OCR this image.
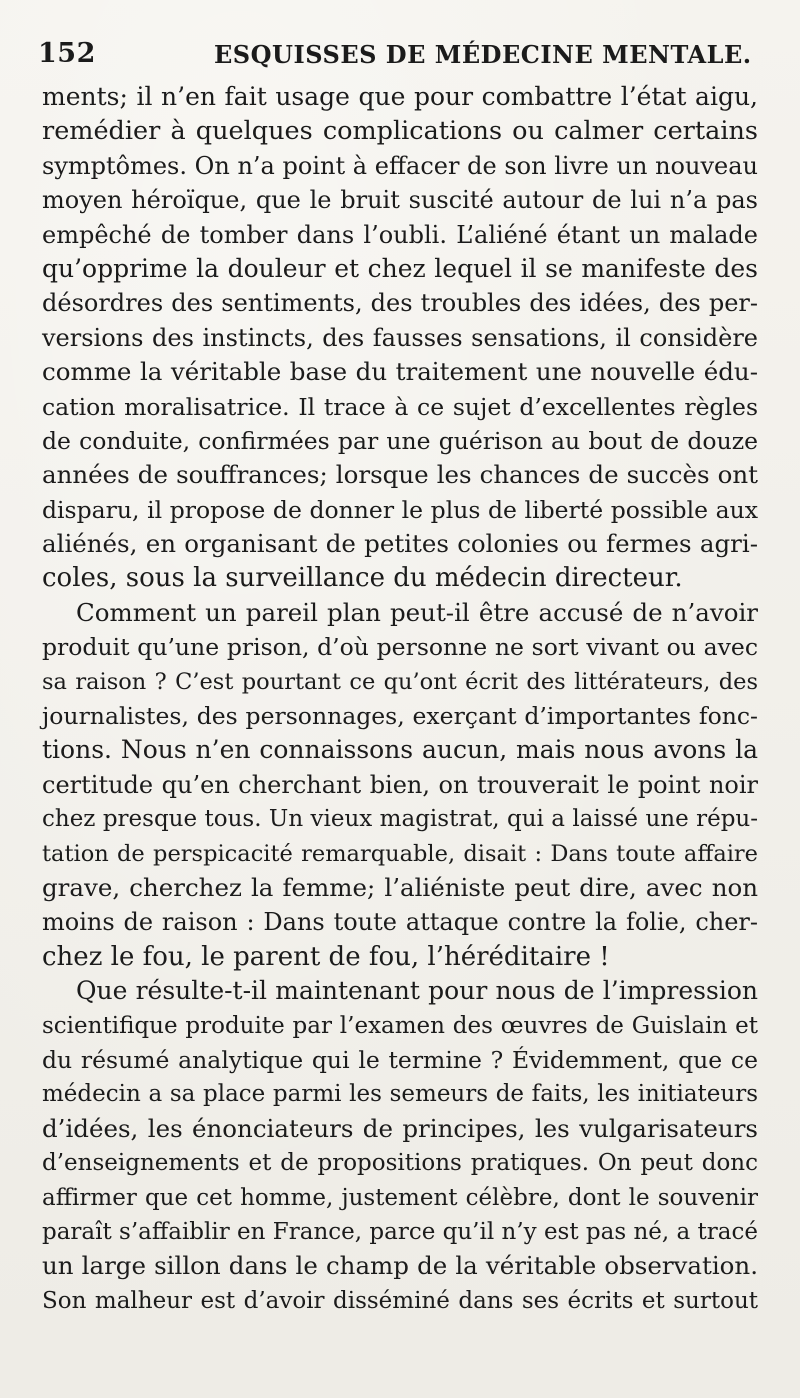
152	ESQUISSES DE MÉDECINE MENTALE.
ments; il n’en fait usage que pour combattre l’état aigu,
remédier à quelques complications ou calmer certains
symptômes. On n’a point à effacer de son livre un nouveau
moyen héroïque, que le bruit suscité autour de lui n’a pas
empêché de tomber dans l’oubli. L’aliéné étant un malade
qu’opprime la douleur et chez lequel il se manifeste des
désordres des sentiments, des troubles des idées, des per-
versions des instincts, des fausses sensations, il considère
comme la véritable base du traitement une nouvelle édu-
cation moralisatrice. Il trace à ce sujet d’excellentes règles
de conduite, confirmées par une guérison au bout de douze
années de souffrances; lorsque les chances de succès ont
disparu, il propose de donner le plus de liberté possible aux
aliénés, en organisant de petites colonies ou fermes agri-
coles, sous la surveillance du médecin directeur.
Comment un pareil plan peut-il être accusé de n’avoir
produit qu’une prison, d’où personne ne sort vivant ou avec
sa raison ? C’est pourtant ce qu’ont écrit des littérateurs, des
journalistes, des personnages, exerçant d’importantes fonc-
tions. Nous n’en connaissons aucun, mais nous avons la
certitude qu’en cherchant bien, on trouverait le point noir
chez presque tous. Un vieux magistrat, qui a laissé une répu-
tation de perspicacité remarquable, disait : Dans toute affaire
grave, cherchez la femme; l’aliéniste peut dire, avec non
moins de raison : Dans toute attaque contre la folie, cher-
chez le fou, le parent de fou, l’héréditaire !
Que résulte-t-il maintenant pour nous de l’impression
scientifique produite par l’examen des œuvres de Guislain et
du résumé analytique qui le termine ? Évidemment, que ce
médecin a sa place parmi les semeurs de faits, les initiateurs
d’idées, les énonciateurs de principes, les vulgarisateurs
d’enseignements et de propositions pratiques. On peut donc
affirmer que cet homme, justement célèbre, dont le souvenir
paraît s’affaiblir en France, parce qu’il n’y est pas né, a tracé
un large sillon dans le champ de la véritable observation.
Son malheur est d’avoir disséminé dans ses écrits et surtout
